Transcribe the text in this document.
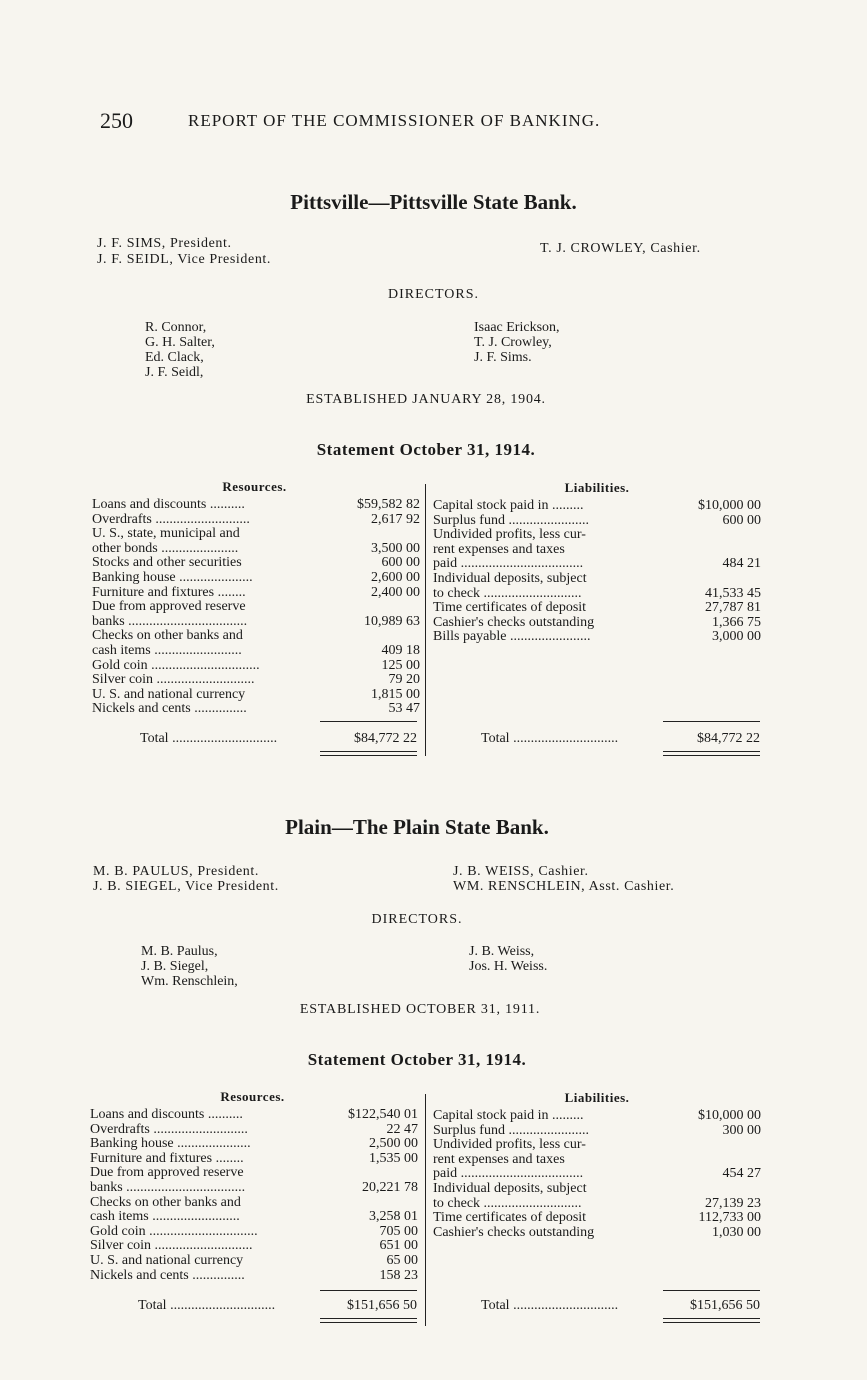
250	REPORT OF THE COMMISSIONER OF BANKING.
Pittsville—Pittsville State Bank.
J. F. SIMS, President.
J. F. SEIDL, Vice President.
T. J. CROWLEY, Cashier.
DIRECTORS.
R. Connor,
G. H. Salter,
Ed. Clack,
J. F. Seidl,
Isaac Erickson,
T. J. Crowley,
J. F. Sims.
ESTABLISHED JANUARY 28, 1904.
Statement October 31, 1914.
Resources.	Liabilities.
Loans and discounts ..........	$59,582 82
Overdrafts ...........................	2,617 92
U. S., state, municipal and
other bonds ......................	3,500 00
Stocks and other securities	600 00
Banking house .....................	2,600 00
Furniture and fixtures ........	2,400 00
Due from approved reserve
banks ..................................	10,989 63
Checks on other banks and
cash items .........................	409 18
Gold coin ...............................	125 00
Silver coin ............................	79 20
U. S. and national currency	1,815 00
Nickels and cents ...............	53 47
Capital stock paid in .........	$10,000 00
Surplus fund .......................	600 00
Undivided profits, less cur-
rent expenses and taxes
paid ...................................	484 21
Individual deposits, subject
to check ............................	41,533 45
Time certificates of deposit	27,787 81
Cashier's checks outstanding	1,366 75
Bills payable .......................	3,000 00
Total ..............................	$84,772 22	Total ..............................	$84,772 22
Plain—The Plain State Bank.
M. B. PAULUS, President.
J. B. SIEGEL, Vice President.
J. B. WEISS, Cashier.
WM. RENSCHLEIN, Asst. Cashier.
DIRECTORS.
M. B. Paulus,
J. B. Siegel,
Wm. Renschlein,
J. B. Weiss,
Jos. H. Weiss.
ESTABLISHED OCTOBER 31, 1911.
Statement October 31, 1914.
Resources.	Liabilities.
Loans and discounts ..........	$122,540 01
Overdrafts ...........................	22 47
Banking house .....................	2,500 00
Furniture and fixtures ........	1,535 00
Due from approved reserve
banks ..................................	20,221 78
Checks on other banks and
cash items .........................	3,258 01
Gold coin ...............................	705 00
Silver coin ............................	651 00
U. S. and national currency	65 00
Nickels and cents ...............	158 23
Capital stock paid in .........	$10,000 00
Surplus fund .......................	300 00
Undivided profits, less cur-
rent expenses and taxes
paid ...................................	454 27
Individual deposits, subject
to check ............................	27,139 23
Time certificates of deposit	112,733 00
Cashier's checks outstanding	1,030 00
Total ..............................	$151,656 50	Total ..............................	$151,656 50
